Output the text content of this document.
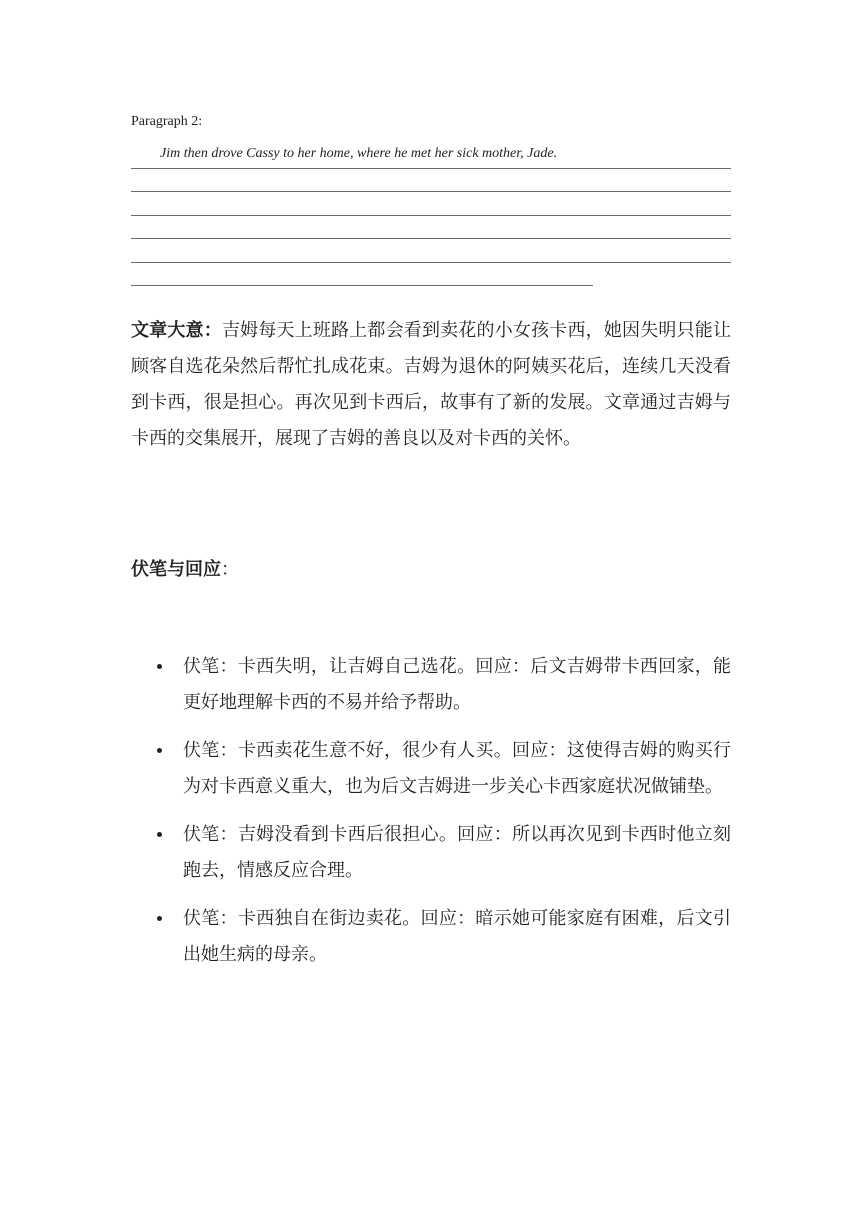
Paragraph 2:
Jim then drove Cassy to her home, where he met her sick mother, Jade.
文章大意：吉姆每天上班路上都会看到卖花的小女孩卡西，她因失明只能让顾客自选花朵然后帮忙扎成花束。吉姆为退休的阿姨买花后，连续几天没看到卡西，很是担心。再次见到卡西后，故事有了新的发展。文章通过吉姆与卡西的交集展开，展现了吉姆的善良以及对卡西的关怀。
伏笔与回应：
伏笔：卡西失明，让吉姆自己选花。回应：后文吉姆带卡西回家，能更好地理解卡西的不易并给予帮助。
伏笔：卡西卖花生意不好，很少有人买。回应：这使得吉姆的购买行为对卡西意义重大，也为后文吉姆进一步关心卡西家庭状况做铺垫。
伏笔：吉姆没看到卡西后很担心。回应：所以再次见到卡西时他立刻跑去，情感反应合理。
伏笔：卡西独自在街边卖花。回应：暗示她可能家庭有困难，后文引出她生病的母亲。
